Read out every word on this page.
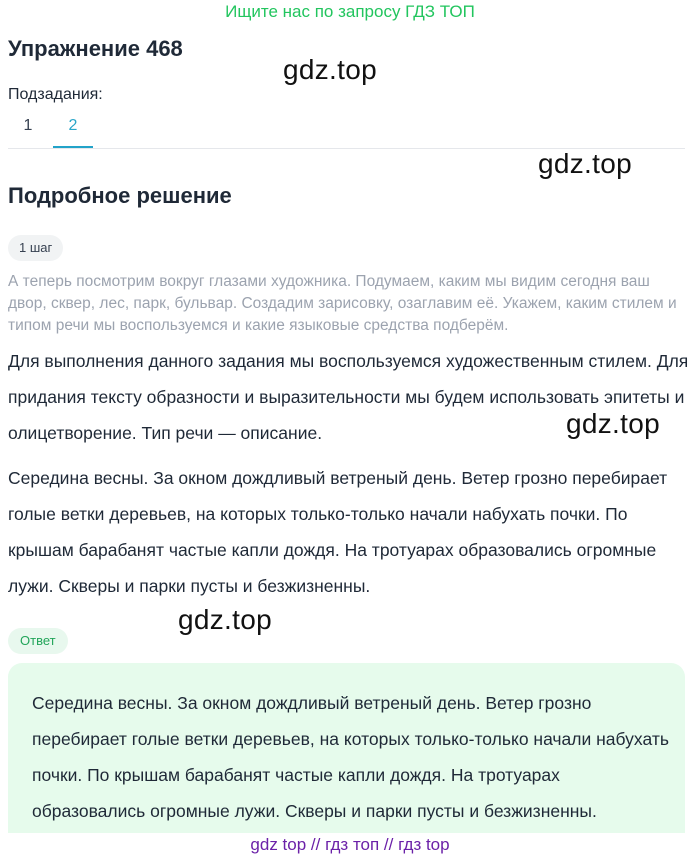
Ищите нас по запросу ГДЗ ТОП
Упражнение 468
gdz.top
Подзадания:
1	2
gdz.top
Подробное решение
1 шаг
А теперь посмотрим вокруг глазами художника. Подумаем, каким мы видим сегодня ваш двор, сквер, лес, парк, бульвар. Создадим зарисовку, озаглавим её. Укажем, каким стилем и типом речи мы воспользуемся и какие языковые средства подберём.
Для выполнения данного задания мы воспользуемся художественным стилем. Для придания тексту образности и выразительности мы будем использовать эпитеты и олицетворение. Тип речи — описание.	gdz.top
Середина весны. За окном дождливый ветреный день. Ветер грозно перебирает голые ветки деревьев, на которых только-только начали набухать почки. По крышам барабанят частые капли дождя. На тротуарах образовались огромные лужи. Скверы и парки пусты и безжизненны.
Ответ
gdz.top
Середина весны. За окном дождливый ветреный день. Ветер грозно перебирает голые ветки деревьев, на которых только-только начали набухать почки. По крышам барабанят частые капли дождя. На тротуарах образовались огромные лужи. Скверы и парки пусты и безжизненны.
gdz top // гдз топ // гдз top
